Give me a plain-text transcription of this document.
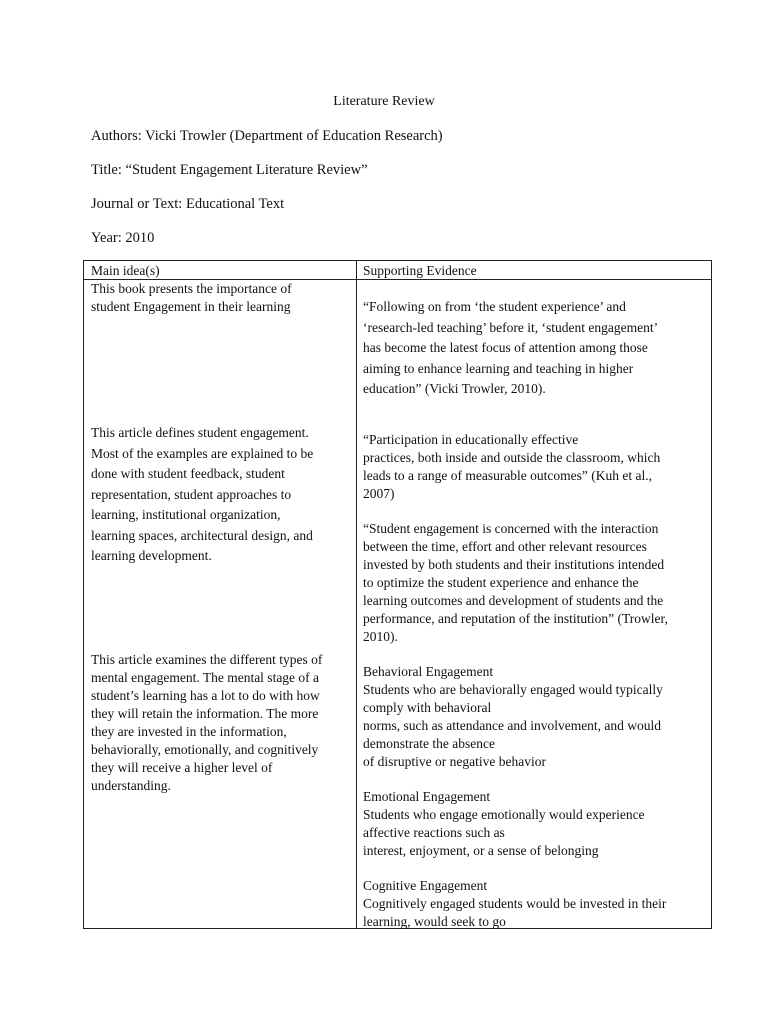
Literature Review
Authors: Vicki Trowler (Department of Education Research)
Title: “Student Engagement Literature Review”
Journal or Text: Educational Text
Year: 2010
Main idea(s)	Supporting Evidence
This book presents the importance of
student Engagement in their learning
This article defines student engagement.
Most of the examples are explained to be
done with student feedback, student
representation, student approaches to
learning, institutional organization,
learning spaces, architectural design, and
learning development.
This article examines the different types of
mental engagement. The mental stage of a
student’s learning has a lot to do with how
they will retain the information. The more
they are invested in the information,
behaviorally, emotionally, and cognitively
they will receive a higher level of
understanding.
“Following on from ‘the student experience’ and
‘research-led teaching’ before it, ‘student engagement’
has become the latest focus of attention among those
aiming to enhance learning and teaching in higher
education” (Vicki Trowler, 2010).
“Participation in educationally effective
practices, both inside and outside the classroom, which
leads to a range of measurable outcomes” (Kuh et al.,
2007)
“Student engagement is concerned with the interaction
between the time, effort and other relevant resources
invested by both students and their institutions intended
to optimize the student experience and enhance the
learning outcomes and development of students and the
performance, and reputation of the institution” (Trowler,
2010).
Behavioral Engagement
Students who are behaviorally engaged would typically
comply with behavioral
norms, such as attendance and involvement, and would
demonstrate the absence
of disruptive or negative behavior
Emotional Engagement
Students who engage emotionally would experience
affective reactions such as
interest, enjoyment, or a sense of belonging
Cognitive Engagement
Cognitively engaged students would be invested in their
learning, would seek to go
